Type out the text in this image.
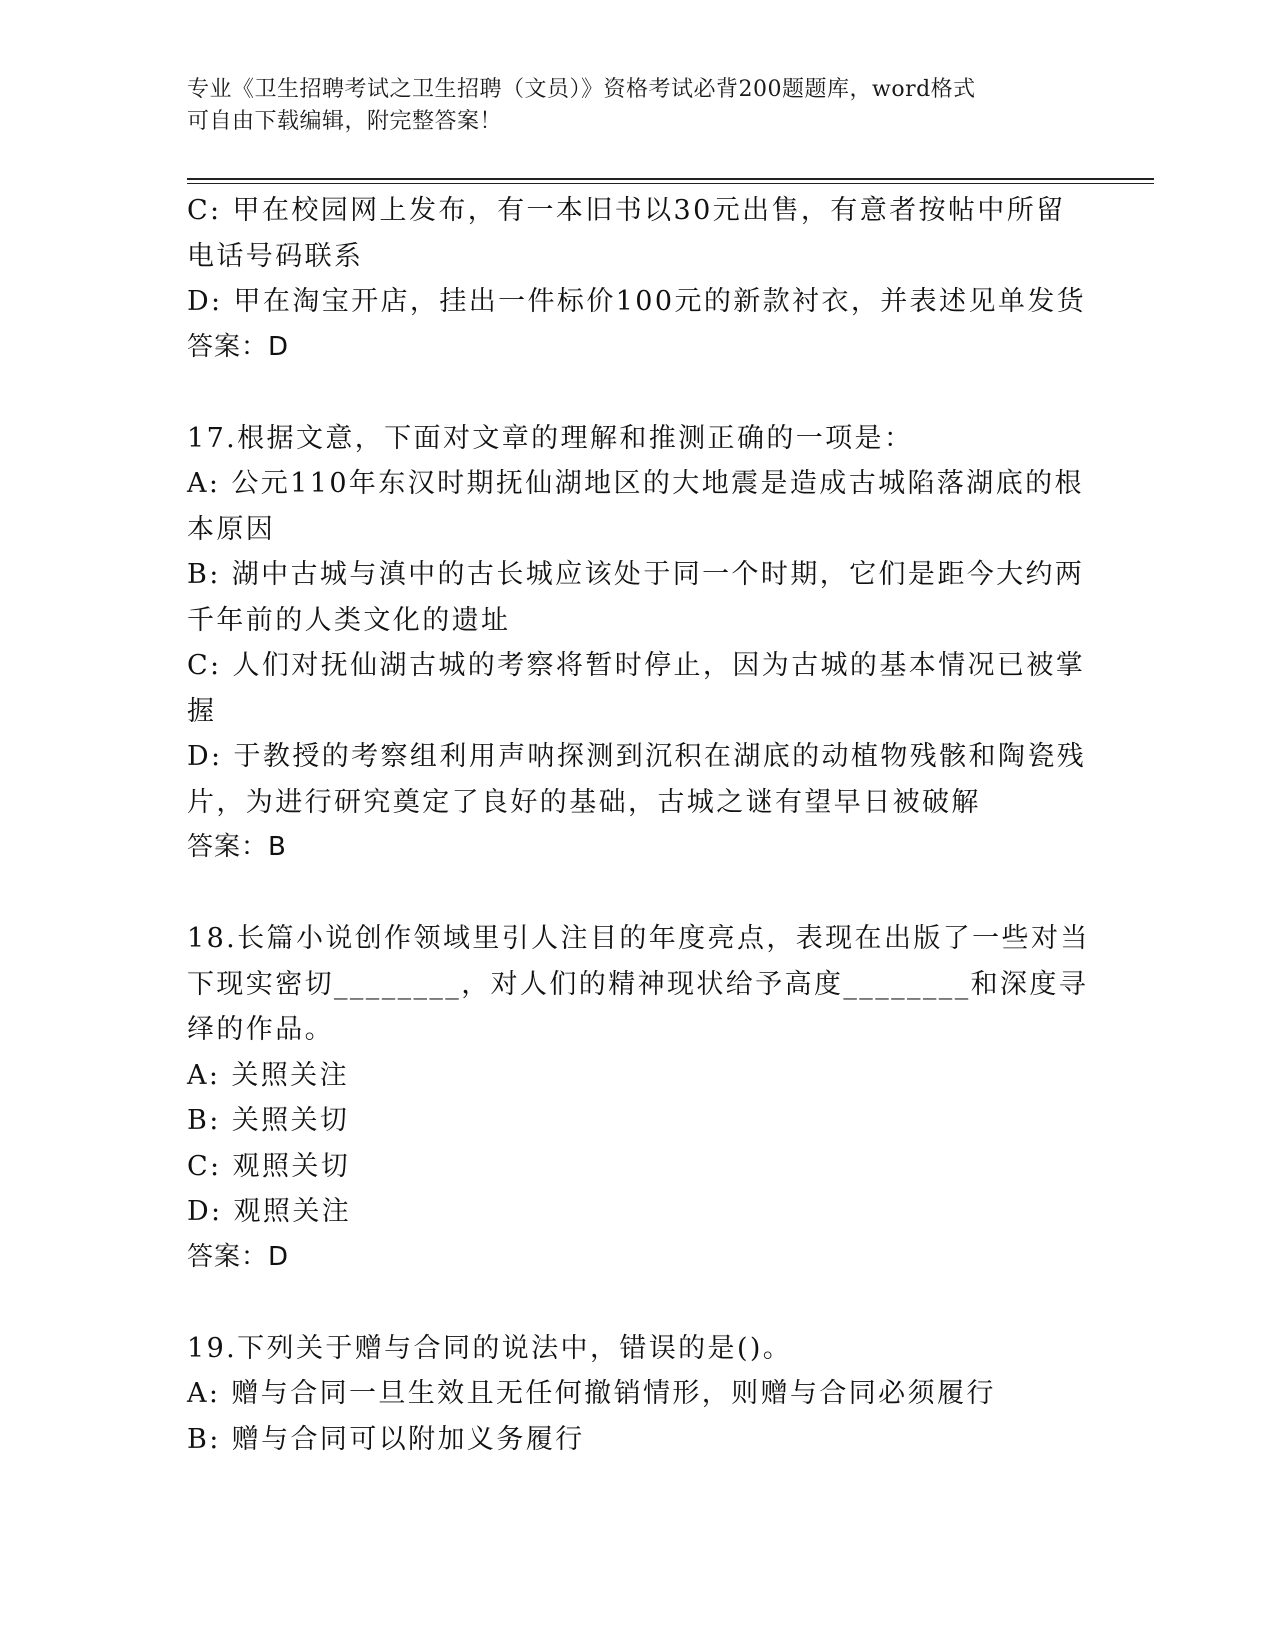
专业《卫生招聘考试之卫生招聘（文员）》资格考试必背200题题库，word格式
可自由下载编辑，附完整答案！
C: 甲在校园网上发布，有一本旧书以30元出售，有意者按帖中所留
电话号码联系
D: 甲在淘宝开店，挂出一件标价100元的新款衬衣，并表述见单发货
答案：D
17.根据文意，下面对文章的理解和推测正确的一项是：
A: 公元110年东汉时期抚仙湖地区的大地震是造成古城陷落湖底的根
本原因
B: 湖中古城与滇中的古长城应该处于同一个时期，它们是距今大约两
千年前的人类文化的遗址
C: 人们对抚仙湖古城的考察将暂时停止，因为古城的基本情况已被掌
握
D: 于教授的考察组利用声呐探测到沉积在湖底的动植物残骸和陶瓷残
片，为进行研究奠定了良好的基础，古城之谜有望早日被破解
答案：B
18.长篇小说创作领域里引人注目的年度亮点，表现在出版了一些对当
下现实密切________，对人们的精神现状给予高度________和深度寻
绎的作品。
A: 关照关注
B: 关照关切
C: 观照关切
D: 观照关注
答案：D
19.下列关于赠与合同的说法中，错误的是()。
A: 赠与合同一旦生效且无任何撤销情形，则赠与合同必须履行
B: 赠与合同可以附加义务履行
